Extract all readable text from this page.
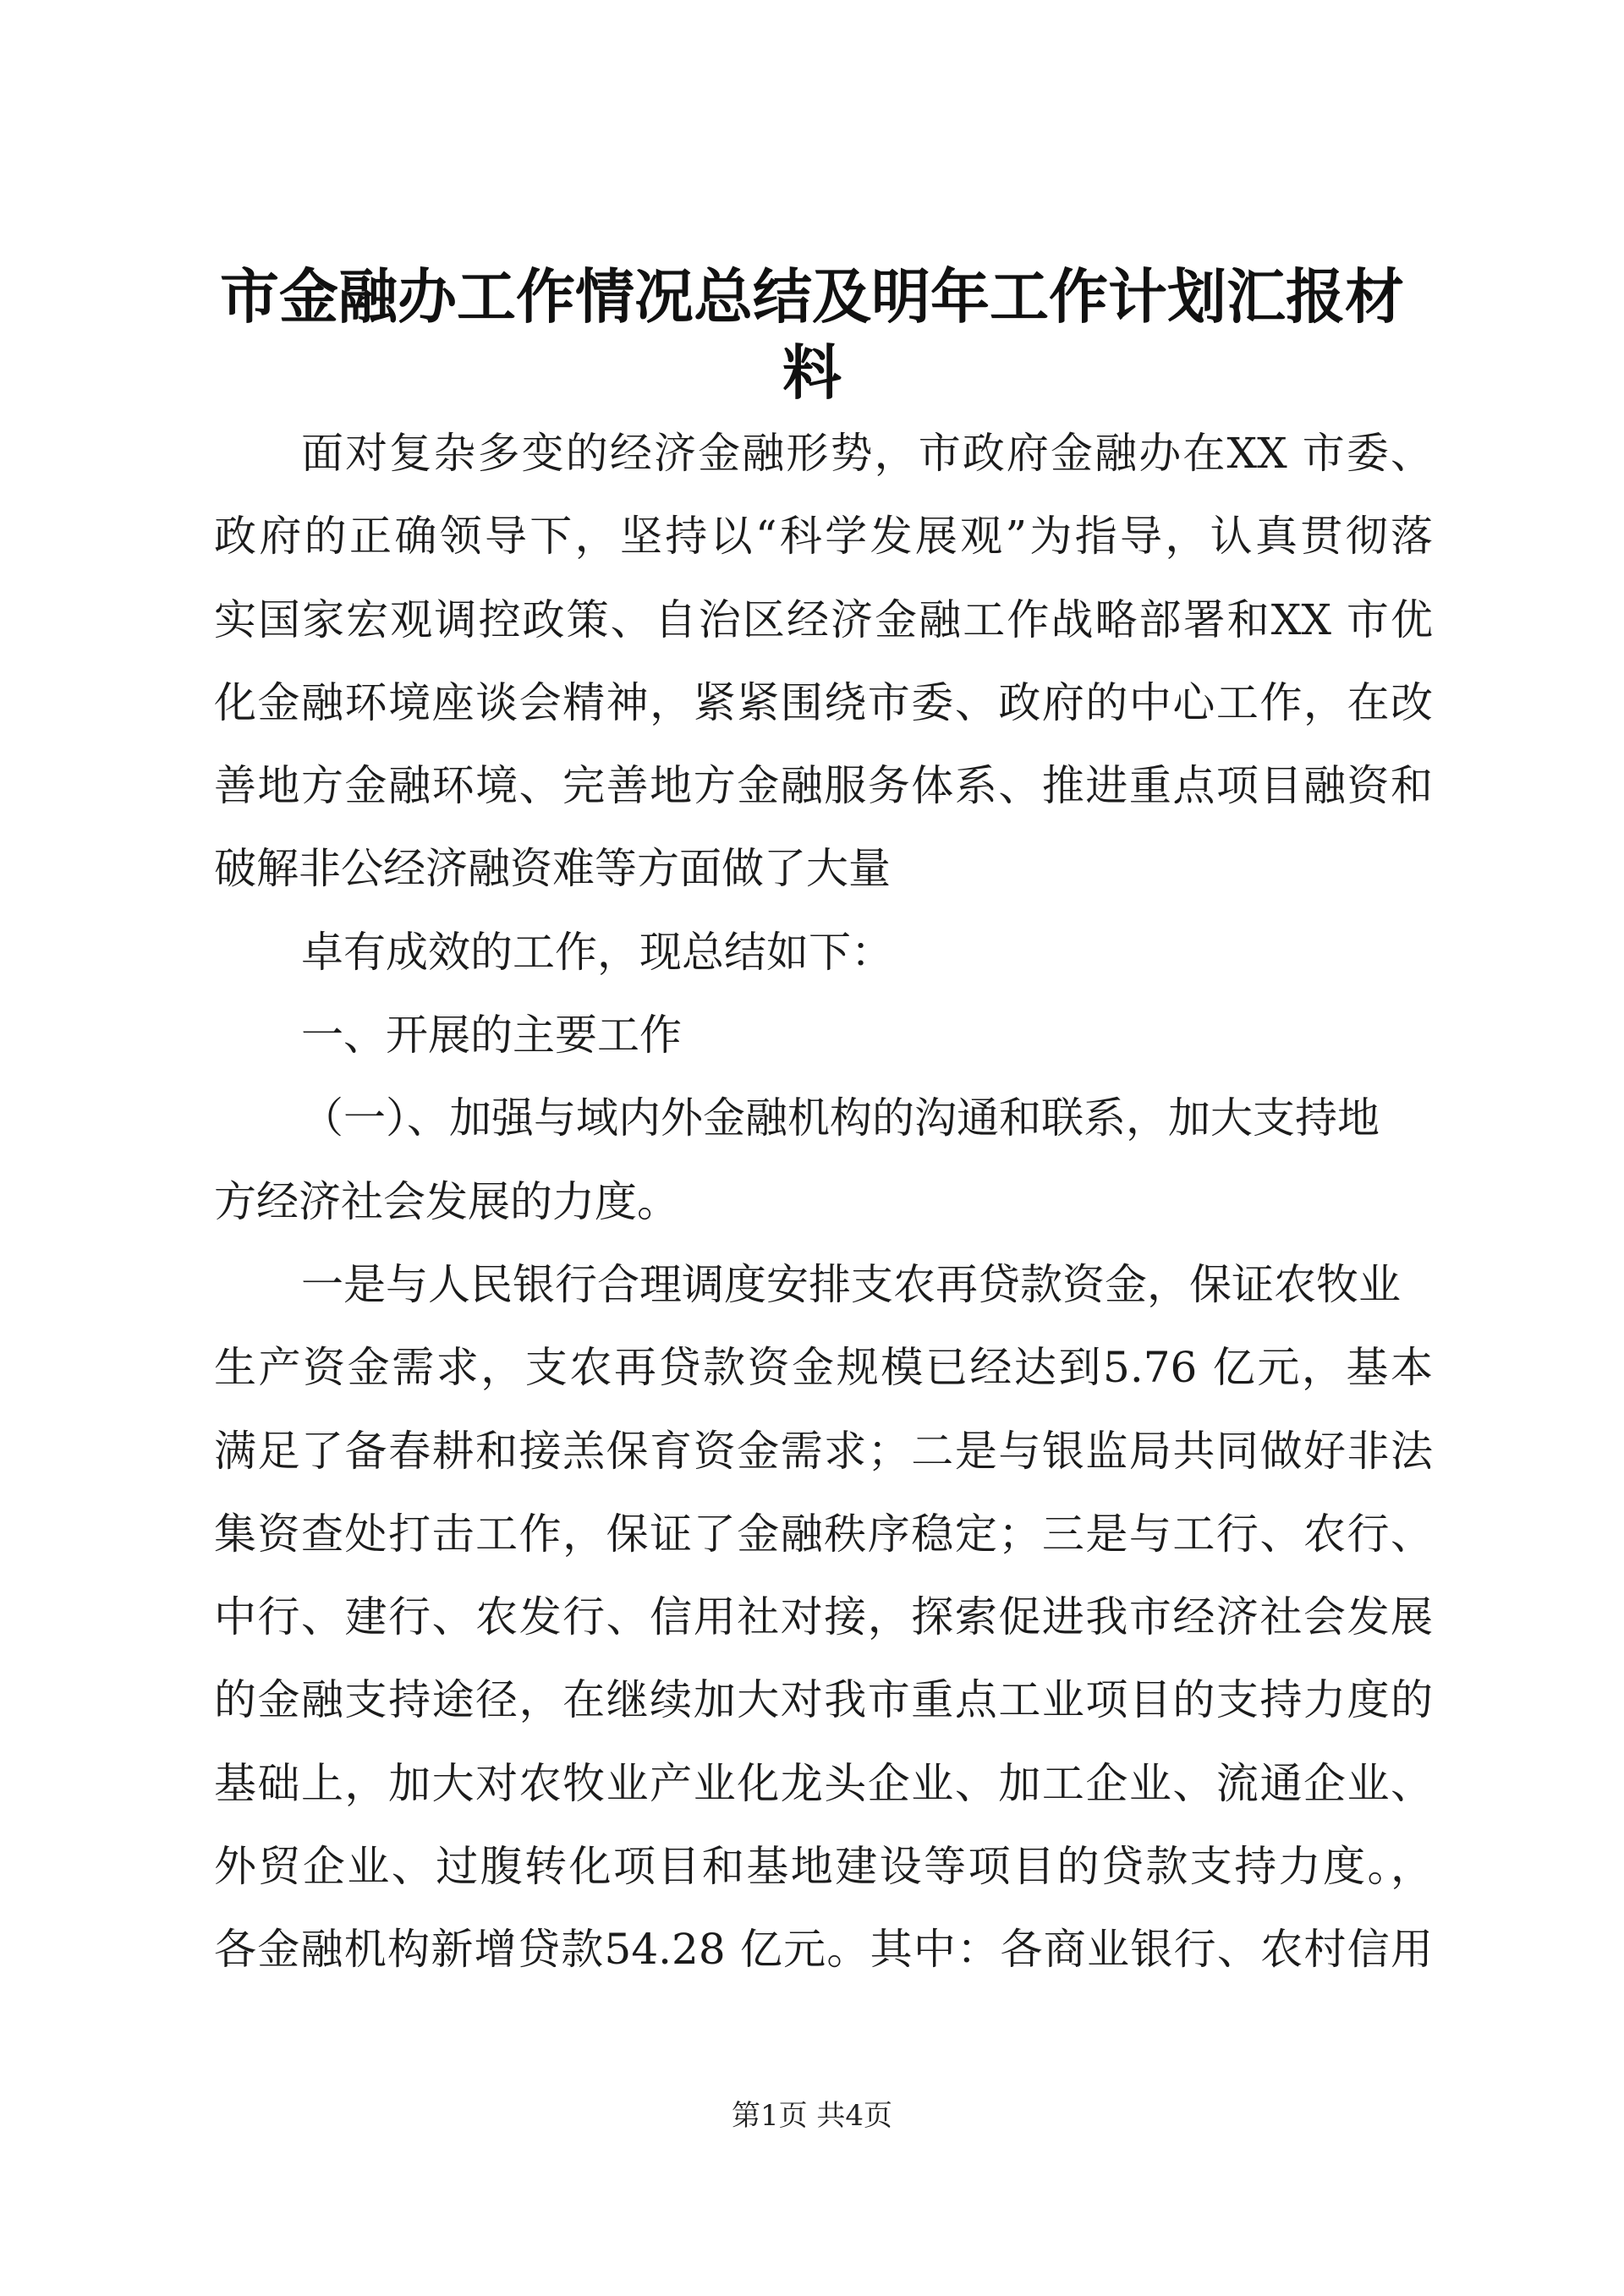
市金融办工作情况总结及明年工作计划汇报材
料
面对复杂多变的经济金融形势，市政府金融办在XX 市委、
政府的正确领导下，坚持以“科学发展观”为指导，认真贯彻落
实国家宏观调控政策、自治区经济金融工作战略部署和XX 市优
化金融环境座谈会精神，紧紧围绕市委、政府的中心工作，在改
善地方金融环境、完善地方金融服务体系、推进重点项目融资和
破解非公经济融资难等方面做了大量
卓有成效的工作，现总结如下：
一、开展的主要工作
（一）、加强与域内外金融机构的沟通和联系，加大支持地
方经济社会发展的力度。
一是与人民银行合理调度安排支农再贷款资金，保证农牧业
生产资金需求，支农再贷款资金规模已经达到5.76 亿元，基本
满足了备春耕和接羔保育资金需求；二是与银监局共同做好非法
集资查处打击工作，保证了金融秩序稳定；三是与工行、农行、
中行、建行、农发行、信用社对接，探索促进我市经济社会发展
的金融支持途径，在继续加大对我市重点工业项目的支持力度的
基础上，加大对农牧业产业化龙头企业、加工企业、流通企业、
外贸企业、过腹转化项目和基地建设等项目的贷款支持力度。，
各金融机构新增贷款54.28 亿元。其中：各商业银行、农村信用
第1页 共4页
